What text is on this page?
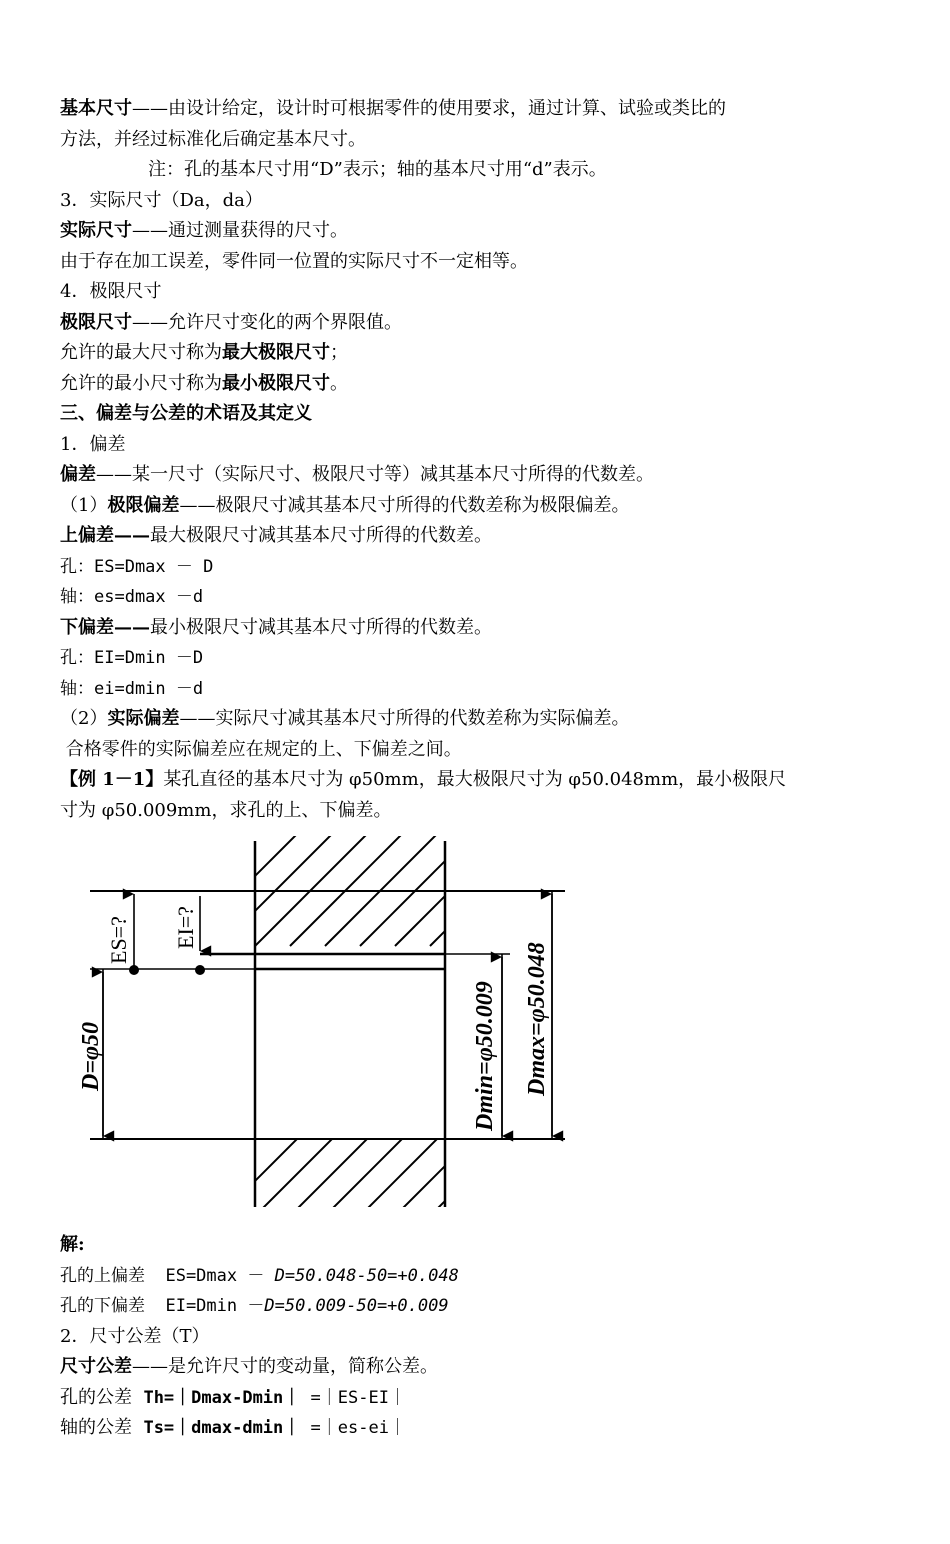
基本尺寸——由设计给定，设计时可根据零件的使用要求，通过计算、试验或类比的
方法，并经过标准化后确定基本尺寸。
注：孔的基本尺寸用“D”表示；轴的基本尺寸用“d”表示。
3．实际尺寸（Da，da）
实际尺寸——通过测量获得的尺寸。
由于存在加工误差，零件同一位置的实际尺寸不一定相等。
4．极限尺寸
极限尺寸——允许尺寸变化的两个界限值。
允许的最大尺寸称为最大极限尺寸；
允许的最小尺寸称为最小极限尺寸。
三、偏差与公差的术语及其定义
1．偏差
偏差——某一尺寸（实际尺寸、极限尺寸等）减其基本尺寸所得的代数差。
（1）极限偏差——极限尺寸减其基本尺寸所得的代数差称为极限偏差。
上偏差——最大极限尺寸减其基本尺寸所得的代数差。
孔：ES=Dmax － D
轴：es=dmax －d
下偏差——最小极限尺寸减其基本尺寸所得的代数差。
孔：EI=Dmin －D
轴：ei=dmin －d
（2）实际偏差——实际尺寸减其基本尺寸所得的代数差称为实际偏差。
合格零件的实际偏差应在规定的上、下偏差之间。
【例 1－1】某孔直径的基本尺寸为 φ50mm，最大极限尺寸为 φ50.048mm，最小极限尺
寸为 φ50.009mm，求孔的上、下偏差。
ES=? EI=?
D=φ50	Dmin=φ50.009 Dmax=φ50.048
解:
孔的上偏差  ES=Dmax － D=50.048-50=+0.048
孔的下偏差  EI=Dmin －D=50.009-50=+0.009
2．尺寸公差（T）
尺寸公差——是允许尺寸的变动量，简称公差。
孔的公差  Th=｜Dmax-Dmin｜ =｜ES-EI｜
轴的公差  Ts=｜dmax-dmin｜ =｜es-ei｜
